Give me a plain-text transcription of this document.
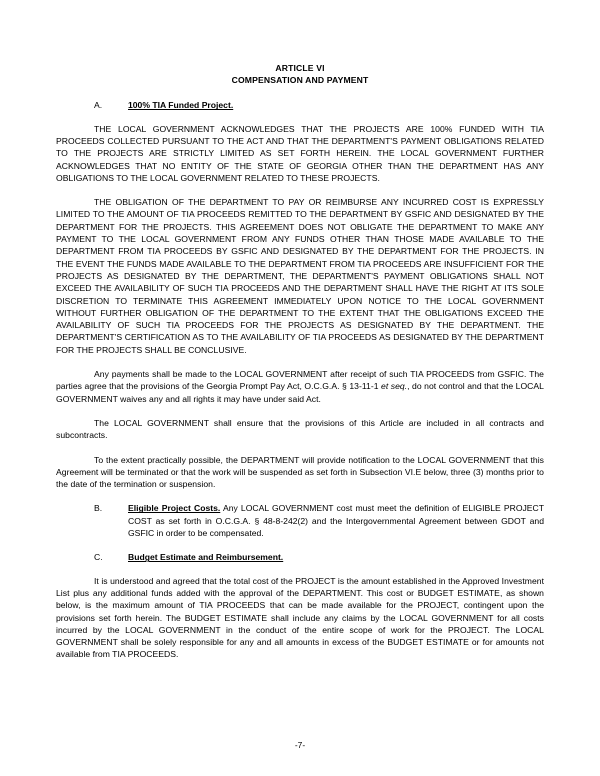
ARTICLE VI
COMPENSATION AND PAYMENT

A.	100% TIA Funded Project.

THE LOCAL GOVERNMENT ACKNOWLEDGES THAT THE PROJECTS ARE 100% FUNDED WITH TIA PROCEEDS COLLECTED PURSUANT TO THE ACT AND THAT THE DEPARTMENT'S PAYMENT OBLIGATIONS RELATED TO THE PROJECTS ARE STRICTLY LIMITED AS SET FORTH HEREIN. THE LOCAL GOVERNMENT FURTHER ACKNOWLEDGES THAT NO ENTITY OF THE STATE OF GEORGIA OTHER THAN THE DEPARTMENT HAS ANY OBLIGATIONS TO THE LOCAL GOVERNMENT RELATED TO THESE PROJECTS.

THE OBLIGATION OF THE DEPARTMENT TO PAY OR REIMBURSE ANY INCURRED COST IS EXPRESSLY LIMITED TO THE AMOUNT OF TIA PROCEEDS REMITTED TO THE DEPARTMENT BY GSFIC AND DESIGNATED BY THE DEPARTMENT FOR THE PROJECTS. THIS AGREEMENT DOES NOT OBLIGATE THE DEPARTMENT TO MAKE ANY PAYMENT TO THE LOCAL GOVERNMENT FROM ANY FUNDS OTHER THAN THOSE MADE AVAILABLE TO THE DEPARTMENT FROM TIA PROCEEDS BY GSFIC AND DESIGNATED BY THE DEPARTMENT FOR THE PROJECTS. IN THE EVENT THE FUNDS MADE AVAILABLE TO THE DEPARTMENT FROM TIA PROCEEDS ARE INSUFFICIENT FOR THE PROJECTS AS DESIGNATED BY THE DEPARTMENT, THE DEPARTMENT'S PAYMENT OBLIGATIONS SHALL NOT EXCEED THE AVAILABILITY OF SUCH TIA PROCEEDS AND THE DEPARTMENT SHALL HAVE THE RIGHT AT ITS SOLE DISCRETION TO TERMINATE THIS AGREEMENT IMMEDIATELY UPON NOTICE TO THE LOCAL GOVERNMENT WITHOUT FURTHER OBLIGATION OF THE DEPARTMENT TO THE EXTENT THAT THE OBLIGATIONS EXCEED THE AVAILABILITY OF SUCH TIA PROCEEDS FOR THE PROJECTS AS DESIGNATED BY THE DEPARTMENT. THE DEPARTMENT'S CERTIFICATION AS TO THE AVAILABILITY OF TIA PROCEEDS AS DESIGNATED BY THE DEPARTMENT FOR THE PROJECTS SHALL BE CONCLUSIVE.

Any payments shall be made to the LOCAL GOVERNMENT after receipt of such TIA PROCEEDS from GSFIC. The parties agree that the provisions of the Georgia Prompt Pay Act, O.C.G.A. § 13-11-1 et seq., do not control and that the LOCAL GOVERNMENT waives any and all rights it may have under said Act.

The LOCAL GOVERNMENT shall ensure that the provisions of this Article are included in all contracts and subcontracts.

To the extent practically possible, the DEPARTMENT will provide notification to the LOCAL GOVERNMENT that this Agreement will be terminated or that the work will be suspended as set forth in Subsection VI.E below, three (3) months prior to the date of the termination or suspension.

B.	Eligible Project Costs. Any LOCAL GOVERNMENT cost must meet the definition of ELIGIBLE PROJECT COST as set forth in O.C.G.A. § 48-8-242(2) and the Intergovernmental Agreement between GDOT and GSFIC in order to be compensated.

C.	Budget Estimate and Reimbursement.

It is understood and agreed that the total cost of the PROJECT is the amount established in the Approved Investment List plus any additional funds added with the approval of the DEPARTMENT. This cost or BUDGET ESTIMATE, as shown below, is the maximum amount of TIA PROCEEDS that can be made available for the PROJECT, contingent upon the provisions set forth herein. The BUDGET ESTIMATE shall include any claims by the LOCAL GOVERNMENT for all costs incurred by the LOCAL GOVERNMENT in the conduct of the entire scope of work for the PROJECT. The LOCAL GOVERNMENT shall be solely responsible for any and all amounts in excess of the BUDGET ESTIMATE or for amounts not available from TIA PROCEEDS.

-7-
